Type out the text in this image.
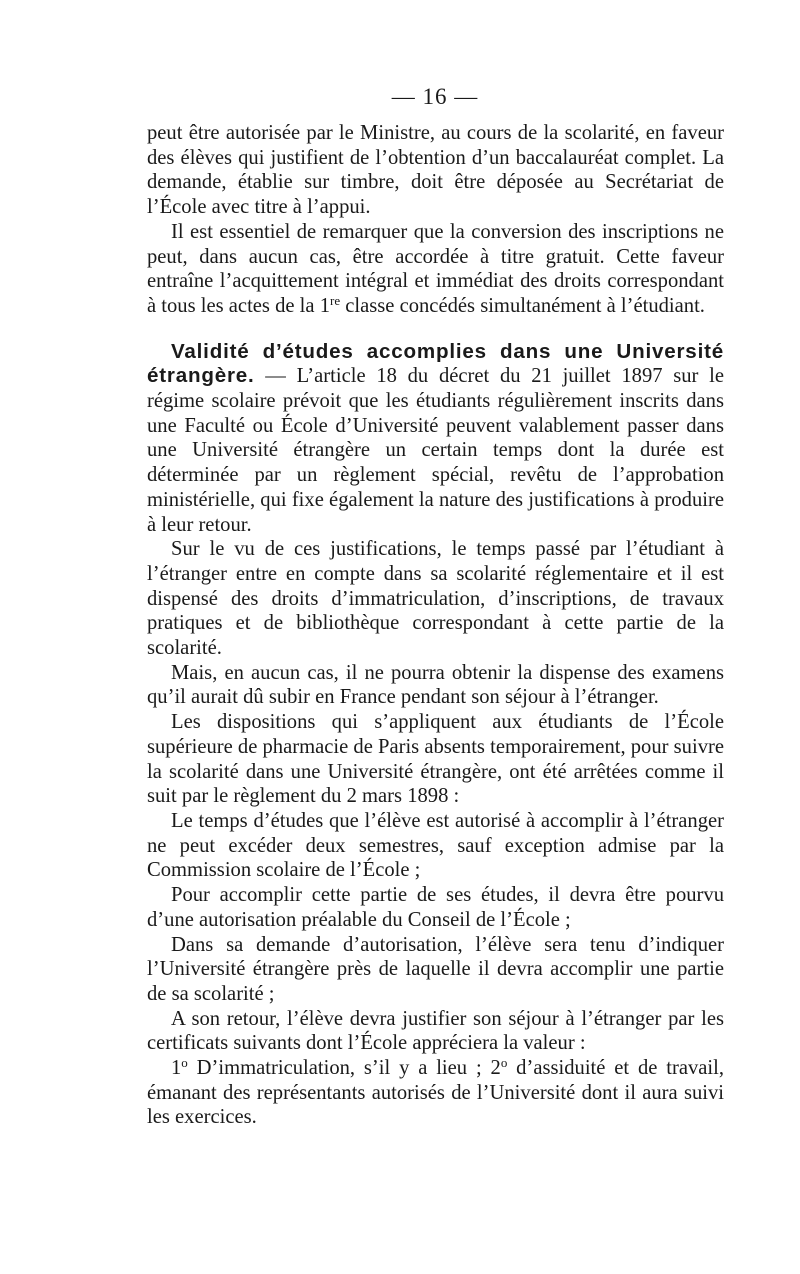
— 16 —

peut être autorisée par le Ministre, au cours de la scolarité, en faveur des élèves qui justifient de l’obtention d’un baccalauréat complet. La demande, établie sur timbre, doit être déposée au Secrétariat de l’École avec titre à l’appui.

Il est essentiel de remarquer que la conversion des inscriptions ne peut, dans aucun cas, être accordée à titre gratuit. Cette faveur entraîne l’acquittement intégral et immédiat des droits correspondant à tous les actes de la 1re classe concédés simultanément à l’étudiant.

Validité d’études accomplies dans une Université étrangère. — L’article 18 du décret du 21 juillet 1897 sur le régime scolaire prévoit que les étudiants régulièrement inscrits dans une Faculté ou École d’Université peuvent valablement passer dans une Université étrangère un certain temps dont la durée est déterminée par un règlement spécial, revêtu de l’approbation ministérielle, qui fixe également la nature des justifications à produire à leur retour.

Sur le vu de ces justifications, le temps passé par l’étudiant à l’étranger entre en compte dans sa scolarité réglementaire et il est dispensé des droits d’immatriculation, d’inscriptions, de travaux pratiques et de bibliothèque correspondant à cette partie de la scolarité.

Mais, en aucun cas, il ne pourra obtenir la dispense des examens qu’il aurait dû subir en France pendant son séjour à l’étranger.

Les dispositions qui s’appliquent aux étudiants de l’École supérieure de pharmacie de Paris absents temporairement, pour suivre la scolarité dans une Université étrangère, ont été arrêtées comme il suit par le règlement du 2 mars 1898 :

Le temps d’études que l’élève est autorisé à accomplir à l’étranger ne peut excéder deux semestres, sauf exception admise par la Commission scolaire de l’École ;

Pour accomplir cette partie de ses études, il devra être pourvu d’une autorisation préalable du Conseil de l’École ;

Dans sa demande d’autorisation, l’élève sera tenu d’indiquer l’Université étrangère près de laquelle il devra accomplir une partie de sa scolarité ;

A son retour, l’élève devra justifier son séjour à l’étranger par les certificats suivants dont l’École appréciera la valeur :

1$^o$ D’immatriculation, s’il y a lieu ; 2$^o$ d’assiduité et de travail, émanant des représentants autorisés de l’Université dont il aura suivi les exercices.
